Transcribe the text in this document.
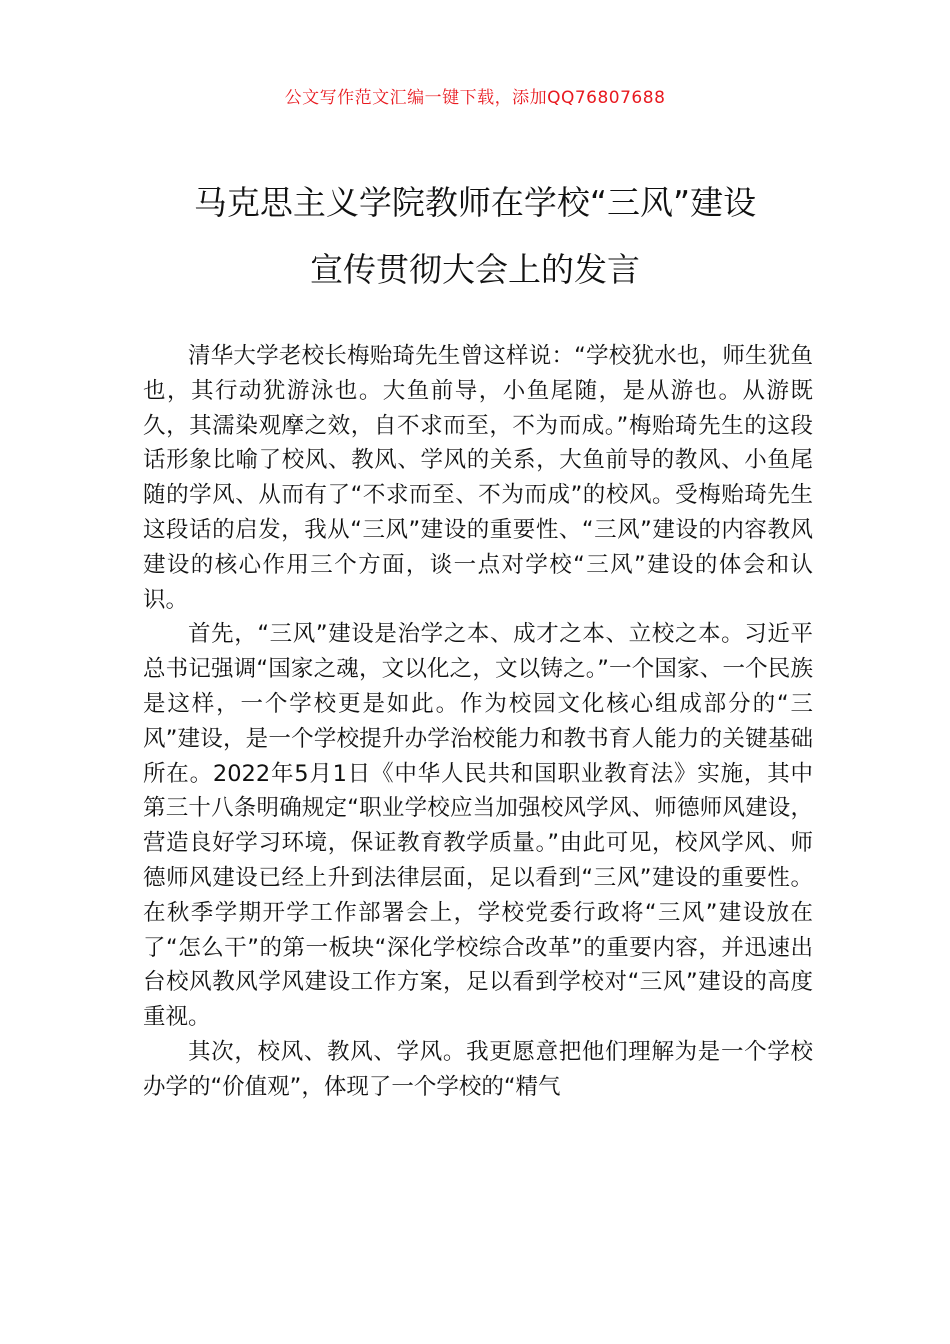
公文写作范文汇编一键下载，添加QQ76807688
马克思主义学院教师在学校“三风”建设
宣传贯彻大会上的发言

清华大学老校长梅贻琦先生曾这样说：“学校犹水也，师生犹鱼也，其行动犹游泳也。大鱼前导，小鱼尾随，是从游也。从游既久，其濡染观摩之效，自不求而至，不为而成。”梅贻琦先生的这段话形象比喻了校风、教风、学风的关系，大鱼前导的教风、小鱼尾随的学风、从而有了“不求而至、不为而成”的校风。受梅贻琦先生这段话的启发，我从“三风”建设的重要性、“三风”建设的内容教风建设的核心作用三个方面，谈一点对学校“三风”建设的体会和认识。

首先，“三风”建设是治学之本、成才之本、立校之本。习近平总书记强调“国家之魂，文以化之，文以铸之。”一个国家、一个民族是这样，一个学校更是如此。作为校园文化核心组成部分的“三风”建设，是一个学校提升办学治校能力和教书育人能力的关键基础所在。2022年5月1日《中华人民共和国职业教育法》实施，其中第三十八条明确规定“职业学校应当加强校风学风、师德师风建设，营造良好学习环境，保证教育教学质量。”由此可见，校风学风、师德师风建设已经上升到法律层面，足以看到“三风”建设的重要性。在秋季学期开学工作部署会上，学校党委行政将“三风”建设放在了“怎么干”的第一板块“深化学校综合改革”的重要内容，并迅速出台校风教风学风建设工作方案，足以看到学校对“三风”建设的高度重视。

其次，校风、教风、学风。我更愿意把他们理解为是一个学校办学的“价值观”，体现了一个学校的“精气
